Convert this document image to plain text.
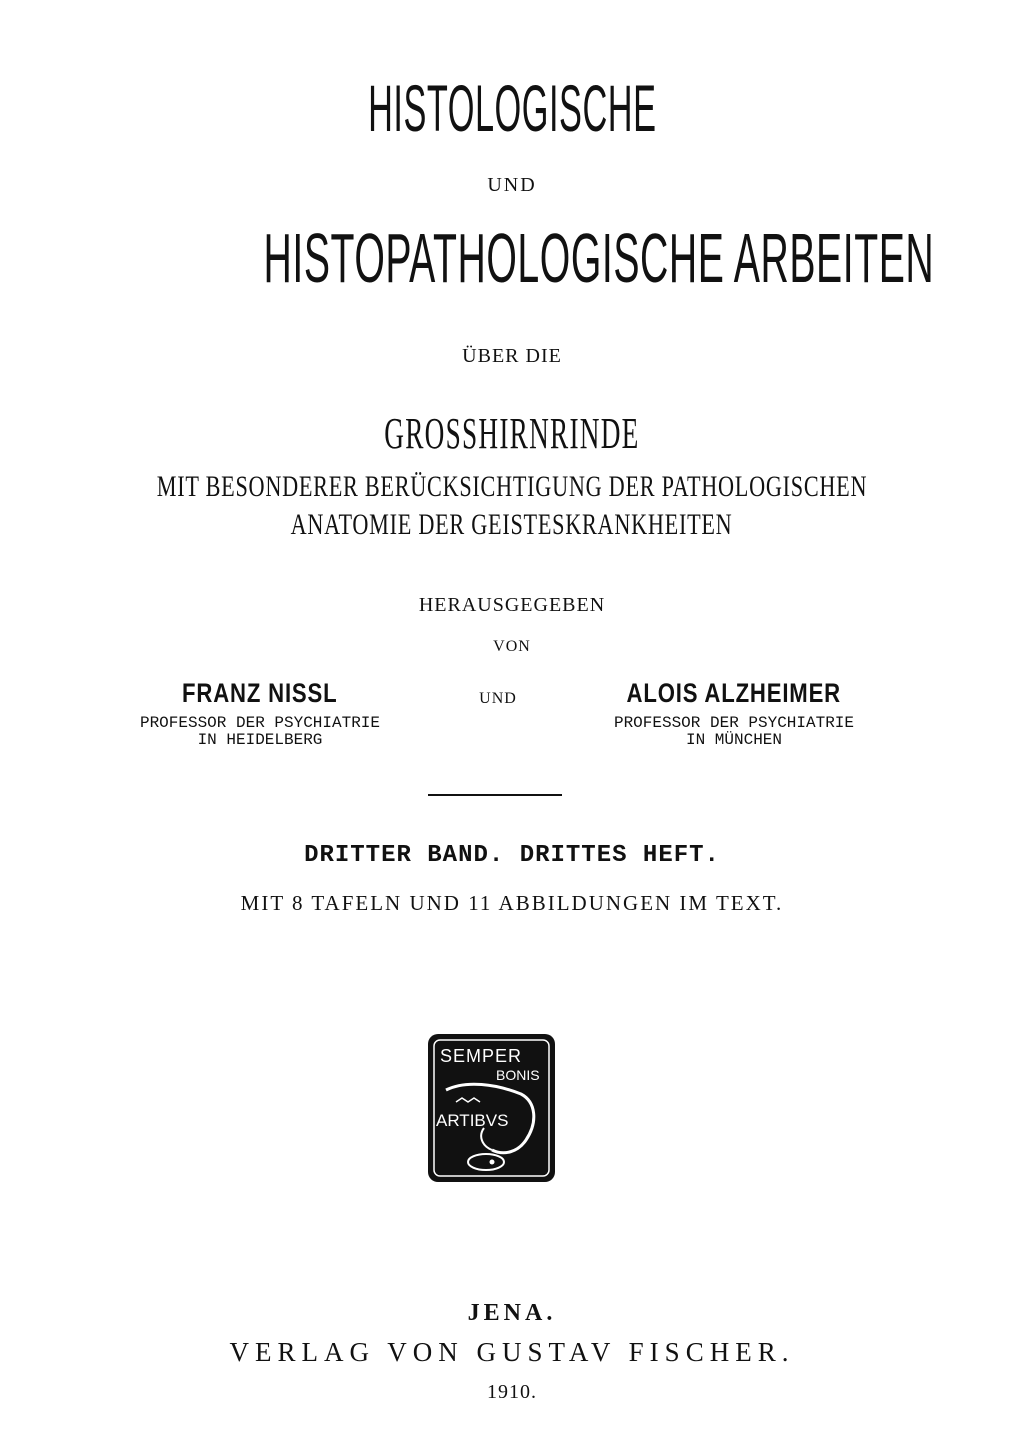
HISTOLOGISCHE
UND
HISTOPATHOLOGISCHE ARBEITEN
ÜBER DIE
GROSSHIRNRINDE
MIT BESONDERER BERÜCKSICHTIGUNG DER PATHOLOGISCHEN
ANATOMIE DER GEISTESKRANKHEITEN
HERAUSGEGEBEN
VON
FRANZ NISSL
PROFESSOR DER PSYCHIATRIE
IN HEIDELBERG
UND	ALOIS ALZHEIMER
PROFESSOR DER PSYCHIATRIE
IN MÜNCHEN
DRITTER BAND. DRITTES HEFT.
MIT 8 TAFELN UND 11 ABBILDUNGEN IM TEXT.
SEMPER
BONIS
ARTIBVS
JENA.
VERLAG VON GUSTAV FISCHER.
1910.
